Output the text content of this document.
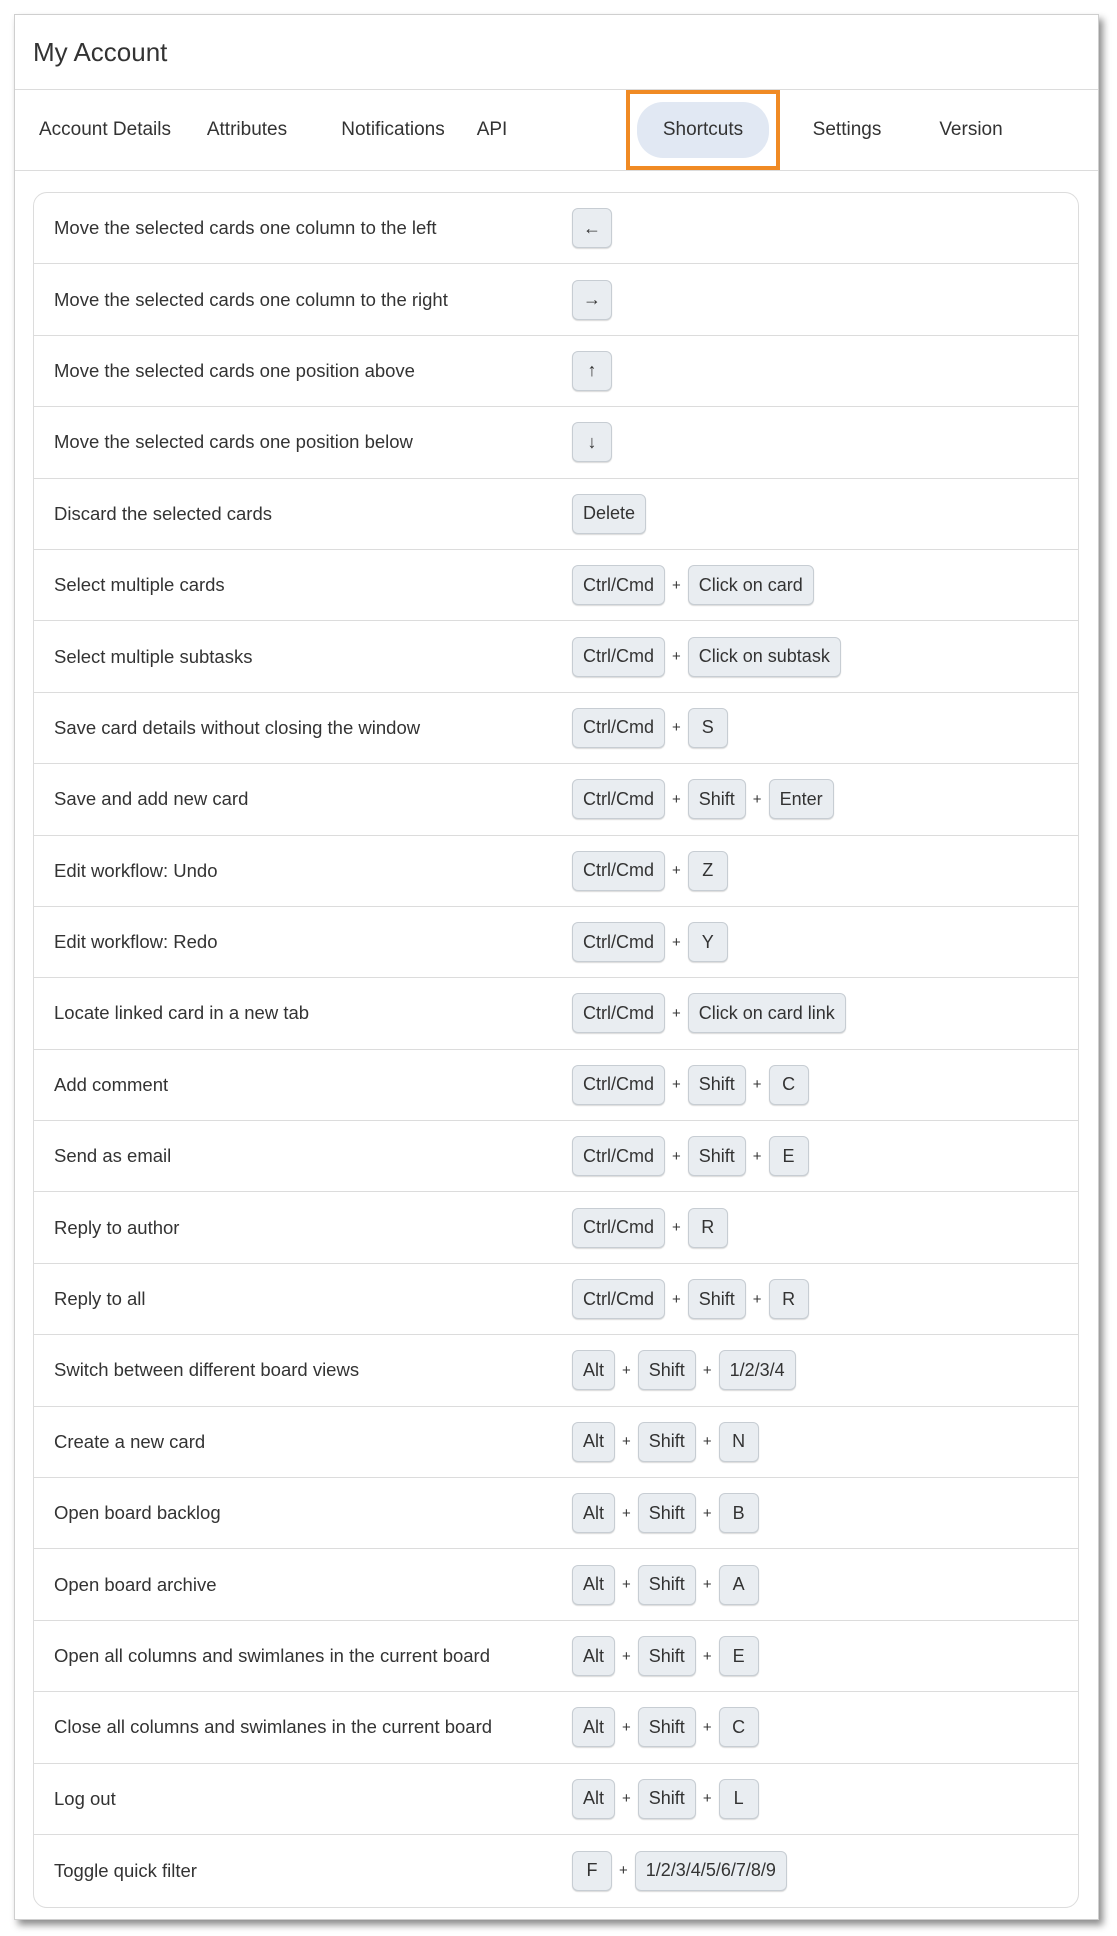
My Account
Account Details Attributes	Notifications API	Shortcuts	Settings	Version
Move the selected cards one column to the left	←
Move the selected cards one column to the right	→
Move the selected cards one position above	↑
Move the selected cards one position below	↓
Discard the selected cards	Delete
Select multiple cards	Ctrl/Cmd	+	Click on card
Select multiple subtasks	Ctrl/Cmd	+	Click on subtask
Save card details without closing the window	Ctrl/Cmd	+	S
Save and add new card	Ctrl/Cmd	+	Shift	+	Enter
Edit workflow: Undo	Ctrl/Cmd	+	Z
Edit workflow: Redo	Ctrl/Cmd	+	Y
Locate linked card in a new tab	Ctrl/Cmd	+	Click on card link
Add comment	Ctrl/Cmd	+	Shift	+	C
Send as email	Ctrl/Cmd	+	Shift	+	E
Reply to author	Ctrl/Cmd	+	R
Reply to all	Ctrl/Cmd	+	Shift	+	R
Switch between different board views	Alt	+	Shift	+	1/2/3/4
Create a new card	Alt	+	Shift	+	N
Open board backlog	Alt	+	Shift	+	B
Open board archive	Alt	+	Shift	+	A
Open all columns and swimlanes in the current board	Alt	+	Shift	+	E
Close all columns and swimlanes in the current board	Alt	+	Shift	+	C
Log out	Alt	+	Shift	+	L
Toggle quick filter	F	+	1/2/3/4/5/6/7/8/9
